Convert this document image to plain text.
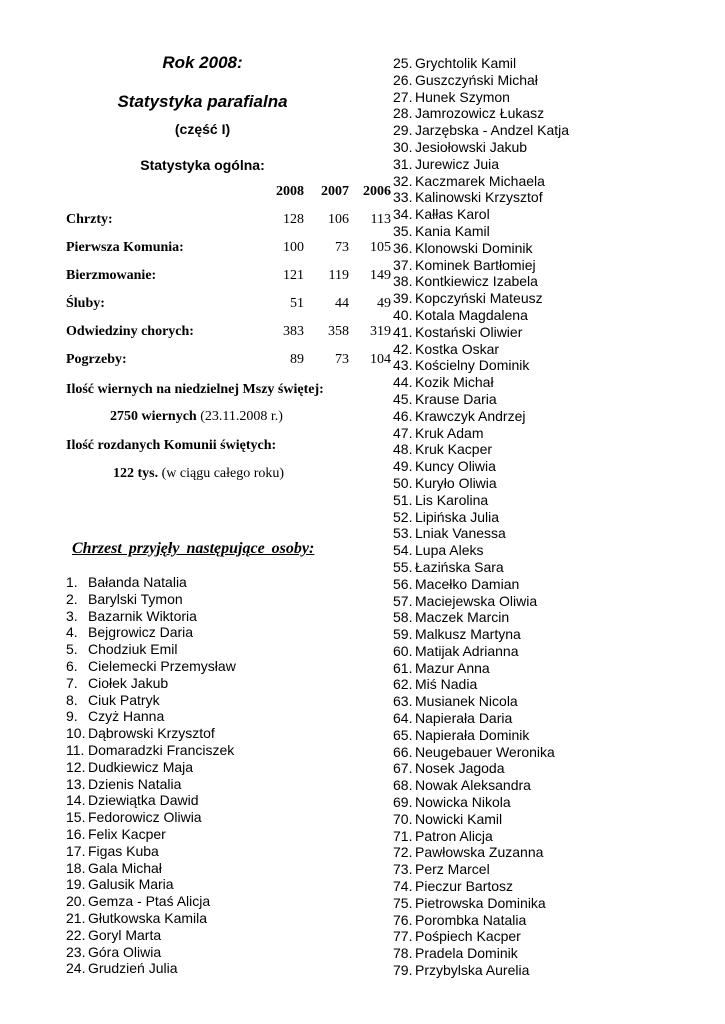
Rok 2008:
Statystyka parafialna
(część I)
Statystyka ogólna:
2008	2007	2006
Chrzty:	128	106	113
Pierwsza Komunia:	100	73	105
Bierzmowanie:	121	119	149
Śluby:	51	44	49
Odwiedziny chorych:	383	358	319
Pogrzeby:	89	73	104
Ilość wiernych na niedzielnej Mszy świętej:
2750 wiernych (23.11.2008 r.)
Ilość rozdanych Komunii świętych:
122 tys. (w ciągu całego roku)
Chrzest przyjęły następujące osoby:
1. Bałanda Natalia
2. Barylski Tymon
3. Bazarnik Wiktoria
4. Bejgrowicz Daria
5. Chodziuk Emil
6. Cielemecki Przemysław
7. Ciołek Jakub
8. Ciuk Patryk
9. Czyż Hanna
10. Dąbrowski Krzysztof
11. Domaradzki Franciszek
12. Dudkiewicz Maja
13. Dzienis Natalia
14. Dziewiątka Dawid
15. Fedorowicz Oliwia
16. Felix Kacper
17. Figas Kuba
18. Gala Michał
19. Galusik Maria
20. Gemza - Ptaś Alicja
21. Głutkowska Kamila
22. Goryl Marta
23. Góra Oliwia
24. Grudzień Julia
25. Grychtolik Kamil
26. Guszczyński Michał
27. Hunek Szymon
28. Jamrozowicz Łukasz
29. Jarzębska - Andzel Katja
30. Jesiołowski Jakub
31. Jurewicz Juia
32. Kaczmarek Michaela
33. Kalinowski Krzysztof
34. Kałłas Karol
35. Kania Kamil
36. Klonowski Dominik
37. Kominek Bartłomiej
38. Kontkiewicz Izabela
39. Kopczyński Mateusz
40. Kotala Magdalena
41. Kostański Oliwier
42. Kostka Oskar
43. Kościelny Dominik
44. Kozik Michał
45. Krause Daria
46. Krawczyk Andrzej
47. Kruk Adam
48. Kruk Kacper
49. Kuncy Oliwia
50. Kuryło Oliwia
51. Lis Karolina
52. Lipińska Julia
53. Lniak Vanessa
54. Lupa Aleks
55. Łazińska Sara
56. Macełko Damian
57. Maciejewska Oliwia
58. Maczek Marcin
59. Malkusz Martyna
60. Matijak Adrianna
61. Mazur Anna
62. Miś Nadia
63. Musianek Nicola
64. Napierała Daria
65. Napierała Dominik
66. Neugebauer Weronika
67. Nosek Jagoda
68. Nowak Aleksandra
69. Nowicka Nikola
70. Nowicki Kamil
71. Patron Alicja
72. Pawłowska Zuzanna
73. Perz Marcel
74. Pieczur Bartosz
75. Pietrowska Dominika
76. Porombka Natalia
77. Pośpiech Kacper
78. Pradela Dominik
79. Przybylska Aurelia
